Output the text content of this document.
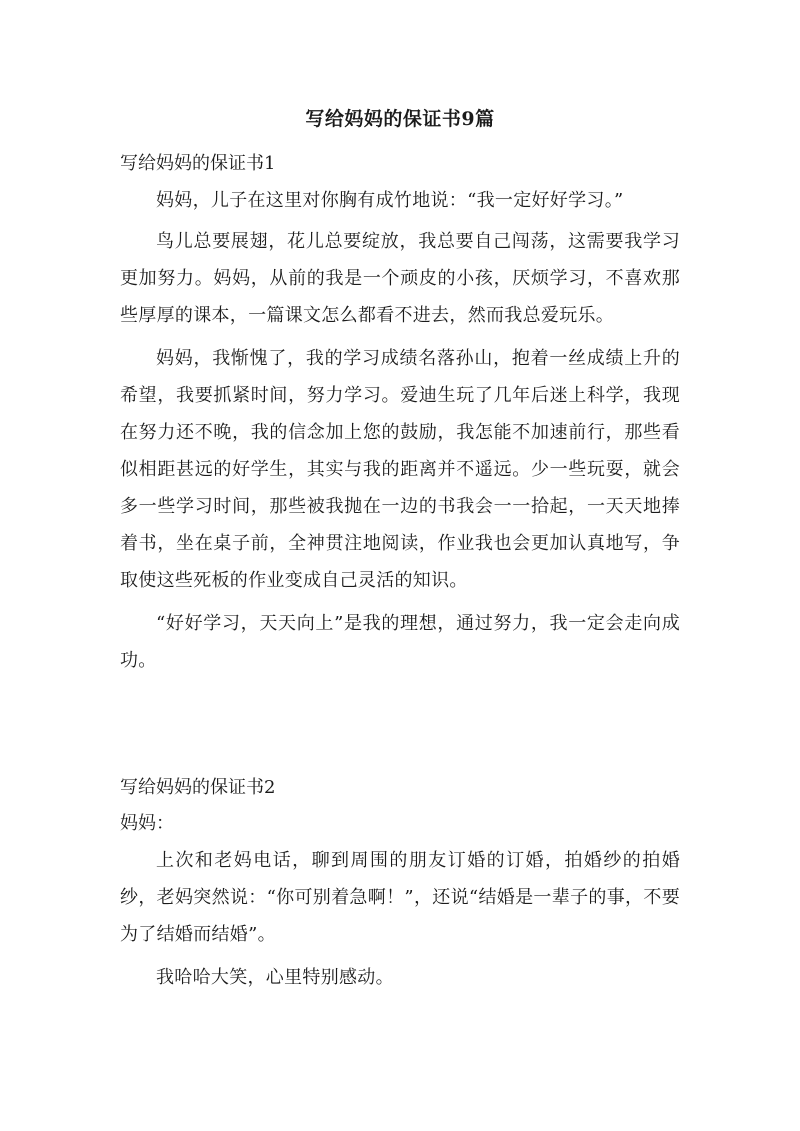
写给妈妈的保证书9篇

写给妈妈的保证书1

妈妈，儿子在这里对你胸有成竹地说：“我一定好好学习。”

鸟儿总要展翅，花儿总要绽放，我总要自己闯荡，这需要我学习更加努力。妈妈，从前的我是一个顽皮的小孩，厌烦学习，不喜欢那些厚厚的课本，一篇课文怎么都看不进去，然而我总爱玩乐。

妈妈，我惭愧了，我的学习成绩名落孙山，抱着一丝成绩上升的希望，我要抓紧时间，努力学习。爱迪生玩了几年后迷上科学，我现在努力还不晚，我的信念加上您的鼓励，我怎能不加速前行，那些看似相距甚远的好学生，其实与我的距离并不遥远。少一些玩耍，就会多一些学习时间，那些被我抛在一边的书我会一一拾起，一天天地捧着书，坐在桌子前，全神贯注地阅读，作业我也会更加认真地写，争取使这些死板的作业变成自己灵活的知识。

“好好学习，天天向上”是我的理想，通过努力，我一定会走向成功。

写给妈妈的保证书2

妈妈：

上次和老妈电话，聊到周围的朋友订婚的订婚，拍婚纱的拍婚纱，老妈突然说：“你可别着急啊！”，还说“结婚是一辈子的事，不要为了结婚而结婚”。

我哈哈大笑，心里特别感动。
